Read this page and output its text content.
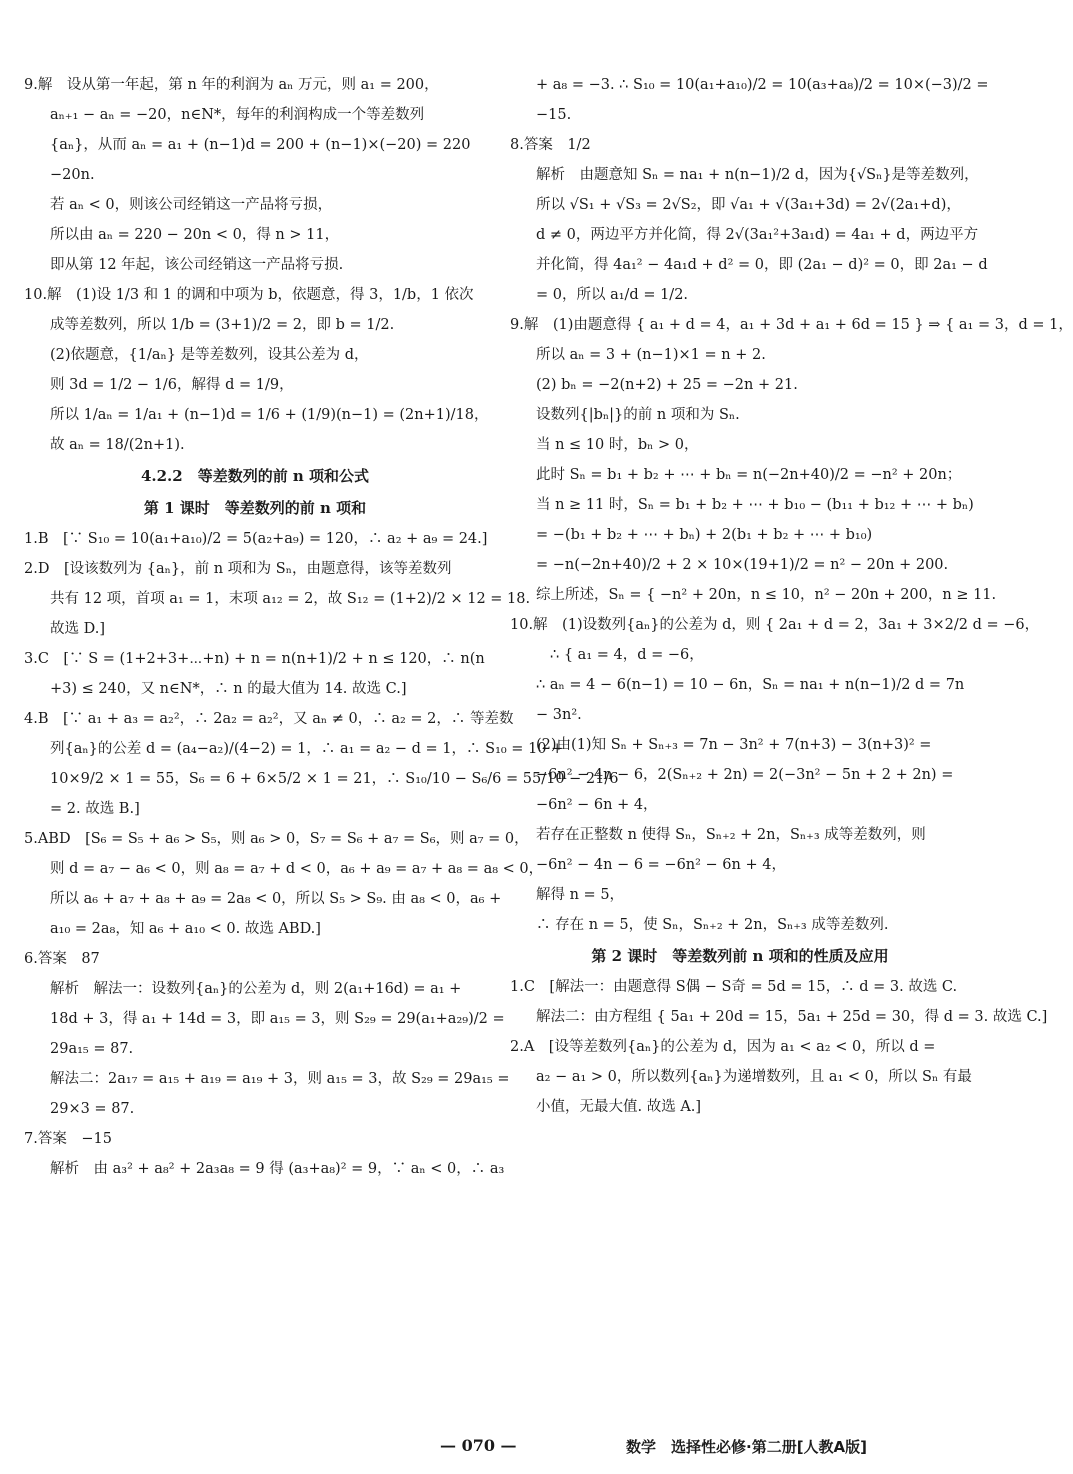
9.解　设从第一年起，第 n 年的利润为 aₙ 万元，则 a₁ = 200，
aₙ₊₁ − aₙ = −20，n∈N*，每年的利润构成一个等差数列
{aₙ}，从而 aₙ = a₁ + (n−1)d = 200 + (n−1)×(−20) = 220
−20n.
若 aₙ < 0，则该公司经销这一产品将亏损，
所以由 aₙ = 220 − 20n < 0，得 n > 11，
即从第 12 年起，该公司经销这一产品将亏损.
10.解　(1)设 1/3 和 1 的调和中项为 b，依题意，得 3，1/b，1 依次
成等差数列，所以 1/b = (3+1)/2 = 2，即 b = 1/2.
(2)依题意，{1/aₙ} 是等差数列，设其公差为 d，
则 3d = 1/2 − 1/6，解得 d = 1/9，
所以 1/aₙ = 1/a₁ + (n−1)d = 1/6 + (1/9)(n−1) = (2n+1)/18，
故 aₙ = 18/(2n+1).
4.2.2　等差数列的前 n 项和公式
第 1 课时　等差数列的前 n 项和
1.B　[∵ S₁₀ = 10(a₁+a₁₀)/2 = 5(a₂+a₉) = 120，∴ a₂ + a₉ = 24.]
2.D　[设该数列为 {aₙ}，前 n 项和为 Sₙ，由题意得，该等差数列
共有 12 项，首项 a₁ = 1，末项 a₁₂ = 2，故 S₁₂ = (1+2)/2 × 12 = 18.
故选 D.]
3.C　[∵ S = (1+2+3+⋯+n) + n = n(n+1)/2 + n ≤ 120，∴ n(n
+3) ≤ 240，又 n∈N*，∴ n 的最大值为 14. 故选 C.]
4.B　[∵ a₁ + a₃ = a₂²，∴ 2a₂ = a₂²，又 aₙ ≠ 0，∴ a₂ = 2，∴ 等差数
列{aₙ}的公差 d = (a₄−a₂)/(4−2) = 1，∴ a₁ = a₂ − d = 1，∴ S₁₀ = 10 +
10×9/2 × 1 = 55，S₆ = 6 + 6×5/2 × 1 = 21，∴ S₁₀/10 − S₆/6 = 55/10 − 21/6
= 2. 故选 B.]
5.ABD　[S₆ = S₅ + a₆ > S₅，则 a₆ > 0，S₇ = S₆ + a₇ = S₆，则 a₇ = 0，
则 d = a₇ − a₆ < 0，则 a₈ = a₇ + d < 0，a₆ + a₉ = a₇ + a₈ = a₈ < 0，
所以 a₆ + a₇ + a₈ + a₉ = 2a₈ < 0，所以 S₅ > S₉. 由 a₈ < 0，a₆ +
a₁₀ = 2a₈，知 a₆ + a₁₀ < 0. 故选 ABD.]
6.答案　87
解析　解法一：设数列{aₙ}的公差为 d，则 2(a₁+16d) = a₁ +
18d + 3，得 a₁ + 14d = 3，即 a₁₅ = 3，则 S₂₉ = 29(a₁+a₂₉)/2 =
29a₁₅ = 87.
解法二：2a₁₇ = a₁₅ + a₁₉ = a₁₉ + 3，则 a₁₅ = 3，故 S₂₉ = 29a₁₅ =
29×3 = 87.
7.答案　−15
解析　由 a₃² + a₈² + 2a₃a₈ = 9 得 (a₃+a₈)² = 9，∵ aₙ < 0，∴ a₃
+ a₈ = −3. ∴ S₁₀ = 10(a₁+a₁₀)/2 = 10(a₃+a₈)/2 = 10×(−3)/2 =
−15.
8.答案　1/2
解析　由题意知 Sₙ = na₁ + n(n−1)/2 d，因为{√Sₙ}是等差数列，
所以 √S₁ + √S₃ = 2√S₂，即 √a₁ + √(3a₁+3d) = 2√(2a₁+d)，
d ≠ 0，两边平方并化简，得 2√(3a₁²+3a₁d) = 4a₁ + d，两边平方
并化简，得 4a₁² − 4a₁d + d² = 0，即 (2a₁ − d)² = 0，即 2a₁ − d
= 0，所以 a₁/d = 1/2.
9.解　(1)由题意得 { a₁ + d = 4，a₁ + 3d + a₁ + 6d = 15 } ⇒ { a₁ = 3，d = 1，
所以 aₙ = 3 + (n−1)×1 = n + 2.
(2) bₙ = −2(n+2) + 25 = −2n + 21.
设数列{|bₙ|}的前 n 项和为 Sₙ.
当 n ≤ 10 时，bₙ > 0，
此时 Sₙ = b₁ + b₂ + ⋯ + bₙ = n(−2n+40)/2 = −n² + 20n；
当 n ≥ 11 时，Sₙ = b₁ + b₂ + ⋯ + b₁₀ − (b₁₁ + b₁₂ + ⋯ + bₙ)
= −(b₁ + b₂ + ⋯ + bₙ) + 2(b₁ + b₂ + ⋯ + b₁₀)
= −n(−2n+40)/2 + 2 × 10×(19+1)/2 = n² − 20n + 200.
综上所述，Sₙ = { −n² + 20n，n ≤ 10，n² − 20n + 200，n ≥ 11.
10.解　(1)设数列{aₙ}的公差为 d，则 { 2a₁ + d = 2，3a₁ + 3×2/2 d = −6，
∴ { a₁ = 4，d = −6，
∴ aₙ = 4 − 6(n−1) = 10 − 6n，Sₙ = na₁ + n(n−1)/2 d = 7n
− 3n².
(2)由(1)知 Sₙ + Sₙ₊₃ = 7n − 3n² + 7(n+3) − 3(n+3)² =
−6n² − 4n − 6，2(Sₙ₊₂ + 2n) = 2(−3n² − 5n + 2 + 2n) =
−6n² − 6n + 4，
若存在正整数 n 使得 Sₙ，Sₙ₊₂ + 2n，Sₙ₊₃ 成等差数列，则
−6n² − 4n − 6 = −6n² − 6n + 4，
解得 n = 5，
∴ 存在 n = 5，使 Sₙ，Sₙ₊₂ + 2n，Sₙ₊₃ 成等差数列.
第 2 课时　等差数列前 n 项和的性质及应用
1.C　[解法一：由题意得 S偶 − S奇 = 5d = 15，∴ d = 3. 故选 C.
解法二：由方程组 { 5a₁ + 20d = 15，5a₁ + 25d = 30，得 d = 3. 故选 C.]
2.A　[设等差数列{aₙ}的公差为 d，因为 a₁ < a₂ < 0，所以 d =
a₂ − a₁ > 0，所以数列{aₙ}为递增数列，且 a₁ < 0，所以 Sₙ 有最
小值，无最大值. 故选 A.]
— 070 —	数学　选择性必修·第二册[人教A版]
